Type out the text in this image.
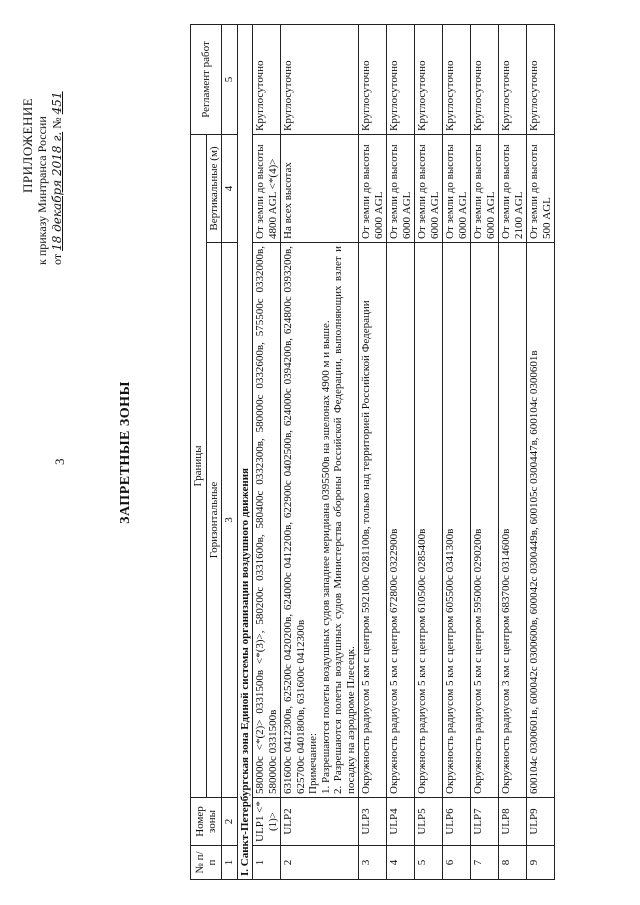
3
ПРИЛОЖЕНИЕ к приказу Минтранса России от 18 декабря 2018 г. № 451
ЗАПРЕТНЫЕ ЗОНЫ
№ п/п	Номер зоны	Границы		Регламент работ
		Горизонтальные	Вертикальные (м)	
1	2	3	4	5
I. Санкт-Петербургская зона Единой системы организации воздушного движения				
1	ULP1 <*(1)>	580000с <*(2)> 0331500в <*(3)>, 580200с 0331600в, 580400с 0332300в, 580000с 0332600в, 575500с 0332000в, 580000с 0331500в	От земли до высоты 4800 AGL <*(4)>	Круглосуточно
2	ULP2	631600с 0412300в, 625200с 0420200в, 624000с 0412200в, 622900с 0402500в, 624000с 0394200в, 624800с 0393200в, 625700с 0401800в, 631600с 0412300в Примечание: 1. Разрешаются полеты воздушных судов западнее меридиана 0395500в на эшелонах 4900 м и выше. 2. Разрешаются полеты воздушных судов Министерства обороны Российской Федерации, выполняющих взлет и посадку на аэродроме Плесецк.	На всех высотах	Круглосуточно
3	ULP3	Окружность радиусом 5 км с центром 592100с 0281100в, только над территорией Российской Федерации	От земли до высоты 6000 AGL	Круглосуточно
4	ULP4	Окружность радиусом 5 км с центром 672800с 0322900в	От земли до высоты 6000 AGL	Круглосуточно
5	ULP5	Окружность радиусом 5 км с центром 610500с 0285400в	От земли до высоты 6000 AGL	Круглосуточно
6	ULP6	Окружность радиусом 5 км с центром 605500с 0341300в	От земли до высоты 6000 AGL	Круглосуточно
7	ULP7	Окружность радиусом 5 км с центром 595000с 0290200в	От земли до высоты 6000 AGL	Круглосуточно
8	ULP8	Окружность радиусом 3 км с центром 683700с 0314600в	От земли до высоты 2100 AGL	Круглосуточно
9	ULP9	600104с 0300601в, 600042с 0300600в, 600042с 0300449в, 600105с 0300447в, 600104с 0300601в	От земли до высоты 500 AGL	Круглосуточно
